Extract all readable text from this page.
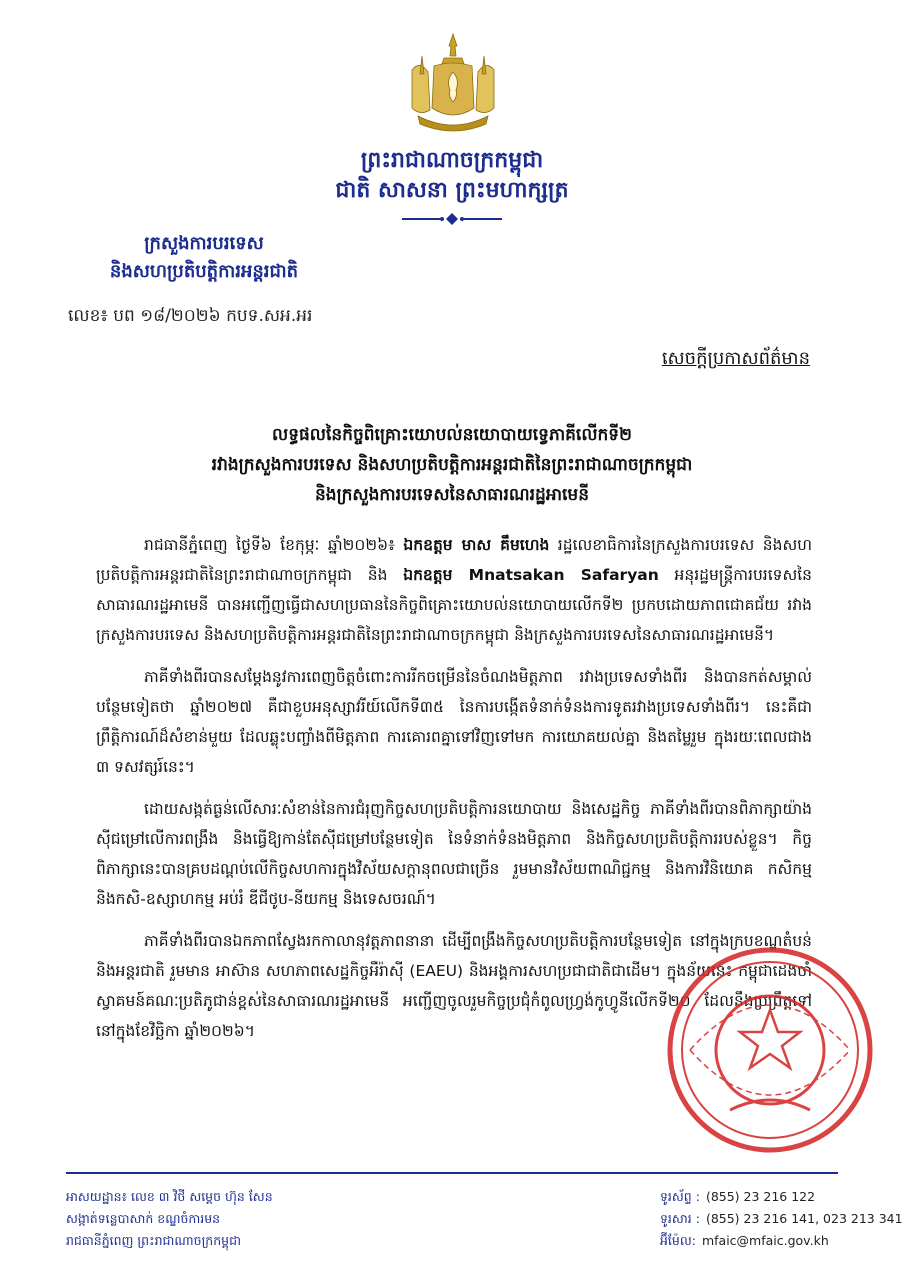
ព្រះរាជាណាចក្រកម្ពុជា
ជាតិ សាសនា ព្រះមហាក្សត្រ
ក្រសួងការបរទេស
និងសហប្រតិបត្តិការអន្តរជាតិ
លេខ៖ បព ១៨/២០២៦ កបទ.សអ.អរ
សេចក្តីប្រកាសព័ត៌មាន
លទ្ធផលនៃកិច្ចពិគ្រោះយោបល់នយោបាយទ្វេភាគីលើកទី២
រវាងក្រសួងការបរទេស និងសហប្រតិបត្តិការអន្តរជាតិនៃព្រះរាជាណាចក្រកម្ពុជា
និងក្រសួងការបរទេសនៃសាធារណរដ្ឋអាមេនី

រាជធានីភ្នំពេញ ថ្ងៃទី៦ ខែកុម្ភៈ ឆ្នាំ២០២៦៖ ឯកឧត្តម មាស គឹមហេង រដ្ឋលេខាធិការនៃក្រសួងការបរទេស និងសហប្រតិបត្តិការអន្តរជាតិនៃព្រះរាជាណាចក្រកម្ពុជា និង ឯកឧត្តម Mnatsakan Safaryan អនុរដ្ឋមន្ត្រីការបរទេសនៃសាធារណរដ្ឋអាមេនី បានអញ្ជើញធ្វើជាសហប្រធាននៃកិច្ចពិគ្រោះយោបល់នយោបាយលើកទី២ ប្រកបដោយភាពជោគជ័យ រវាងក្រសួងការបរទេស និងសហប្រតិបត្តិការអន្តរជាតិនៃព្រះរាជាណាចក្រកម្ពុជា និងក្រសួងការបរទេសនៃសាធារណរដ្ឋអាមេនី។

ភាគីទាំងពីរបានសម្តែងនូវការពេញចិត្តចំពោះការរីកចម្រើននៃចំណងមិត្តភាព រវាងប្រទេសទាំងពីរ និងបានកត់សម្គាល់បន្ថែមទៀតថា ឆ្នាំ២០២៧ គឺជាខួបអនុស្សាវរីយ៍លើកទី៣៥ នៃការបង្កើតទំនាក់ទំនងការទូតរវាងប្រទេសទាំងពីរ។ នេះគឺជាព្រឹត្តិការណ៍ដ៏សំខាន់មួយ ដែលឆ្លុះបញ្ចាំងពីមិត្តភាព ការគោរពគ្នាទៅវិញទៅមក ការយោគយល់គ្នា និងតម្លៃរួម ក្នុងរយៈពេលជាង ៣ ទសវត្សរ៍នេះ។

ដោយសង្កត់ធ្ងន់លើសារៈសំខាន់នៃការជំរុញកិច្ចសហប្រតិបត្តិការនយោបាយ និងសេដ្ឋកិច្ច ភាគីទាំងពីរបានពិភាក្សាយ៉ាងស៊ីជម្រៅលើការពង្រឹង និងធ្វើឱ្យកាន់តែស៊ីជម្រៅបន្ថែមទៀត នៃទំនាក់ទំនងមិត្តភាព និងកិច្ចសហប្រតិបត្តិការរបស់ខ្លួន។ កិច្ចពិភាក្សានេះបានគ្របដណ្តប់លើកិច្ចសហការក្នុងវិស័យសក្តានុពលជាច្រើន រួមមានវិស័យពាណិជ្ជកម្ម និងការវិនិយោគ កសិកម្ម និងកសិ-ឧស្សាហកម្ម អប់រំ ឌីជីថូប-នីយកម្ម និងទេសចរណ៍។

ភាគីទាំងពីរបានឯកភាពស្វែងរកកាលានុវត្តភាពនានា ដើម្បីពង្រឹងកិច្ចសហប្រតិបត្តិការបន្ថែមទៀត នៅក្នុងក្របខណ្ឌតំបន់ និងអន្តរជាតិ រួមមាន អាស៊ាន សហភាពសេដ្ឋកិច្ចអឺរ៉ាស៊ី (EAEU) និងអង្គការសហប្រជាជាតិជាដើម។ ក្នុងន័យនេះ កម្ពុជាដេងចាំស្វាគមន៍គណៈប្រតិភូជាន់ខ្ពស់នៃសាធារណរដ្ឋអាមេនី អញ្ជើញចូលរួមកិច្ចប្រជុំកំពូលហ្វ្រង់កូហ្វូនីលើកទី២០ ដែលនឹងប្រព្រឹត្តទៅនៅក្នុងខែវិច្ឆិកា ឆ្នាំ២០២៦។

អាសយដ្ឋាន៖ លេខ ៣ វិថី សម្តេច ហ៊ុន សែន
សង្កាត់ទន្លេបាសាក់ ខណ្ឌចំការមន
រាជធានីភ្នំពេញ ព្រះរាជាណាចក្រកម្ពុជា
ទូរស័ព្ទ : (855) 23 216 122
ទូរសារ : (855) 23 216 141, 023 213 341
អ៊ីម៉ែល: mfaic@mfaic.gov.kh
